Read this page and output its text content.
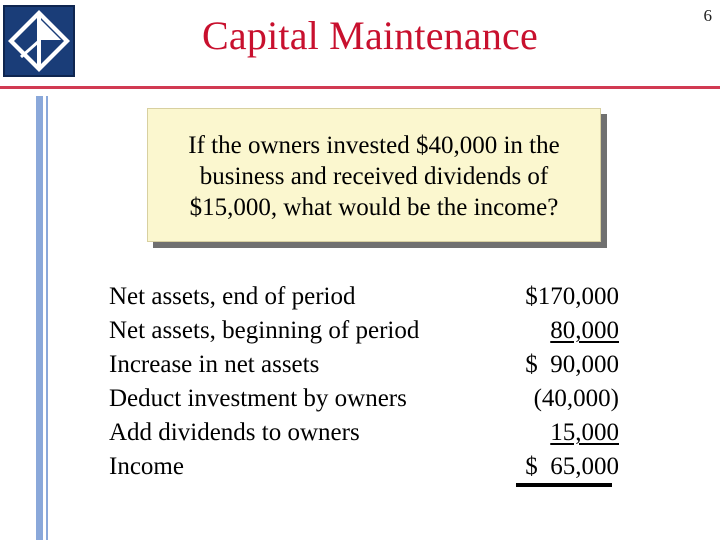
Capital Maintenance	6
If the owners invested $40,000 in the business and received dividends of $15,000, what would be the income?
Net assets, end of period	$170,000
Net assets, beginning of period	80,000
Increase in net assets	$  90,000
Deduct investment by owners	(40,000)
Add dividends to owners	15,000
Income	$  65,000
